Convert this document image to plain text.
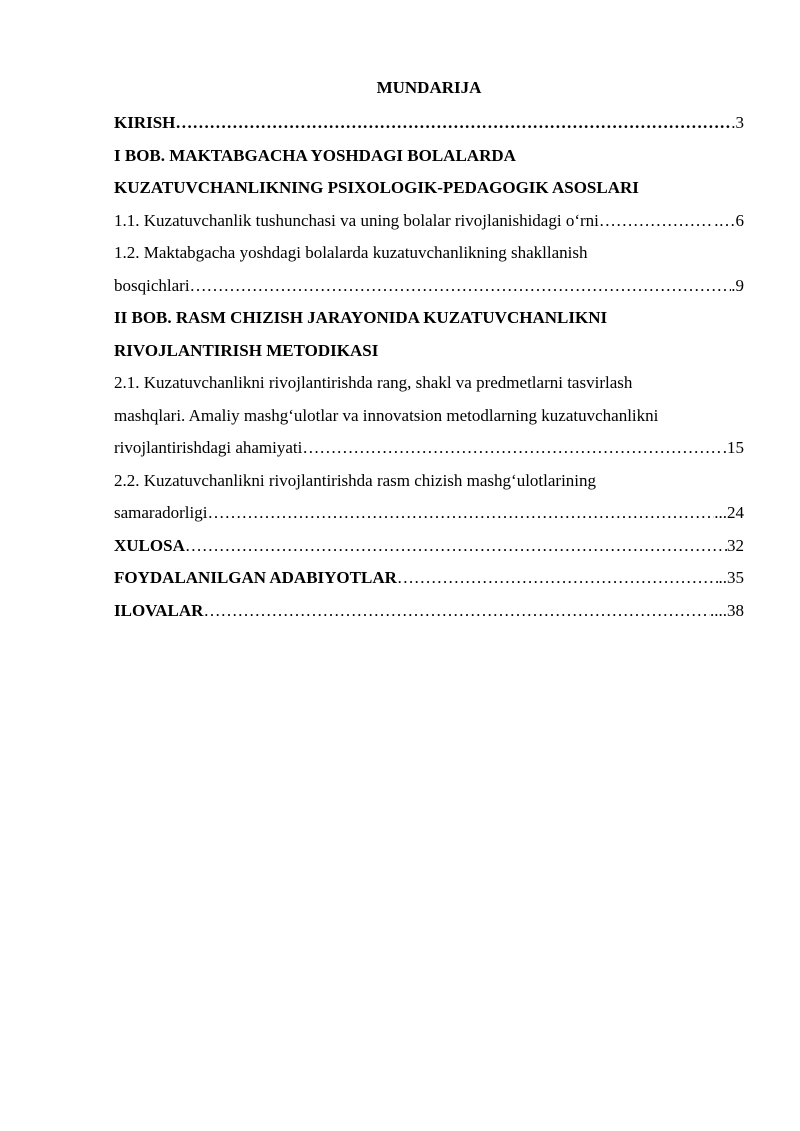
MUNDARIJA

KIRISH ……………………………………………………………………………………………………………………………………………………………………………………………………	.3

I BOB. MAKTABGACHA YOSHDAGI BOLALARDA

KUZATUVCHANLIKNING PSIXOLOGIK-PEDAGOGIK ASOSLARI

1.1. Kuzatuvchanlik tushunchasi va uning bolalar rivojlanishidagi o‘rni ……………………………………………………………………………………………………………………………………………………………………………………………………	.…6

1.2. Maktabgacha yoshdagi bolalarda kuzatuvchanlikning shakllanish

bosqichlari ……………………………………………………………………………………………………………………………………………………………………………………………………	.9

II BOB. RASM CHIZISH JARAYONIDA KUZATUVCHANLIKNI

RIVOJLANTIRISH METODIKASI

2.1. Kuzatuvchanlikni rivojlantirishda rang, shakl va predmetlarni tasvirlash

mashqlari. Amaliy mashg‘ulotlar va innovatsion metodlarning kuzatuvchanlikni

rivojlantirishdagi ahamiyati ……………………………………………………………………………………………………………………………………………………………………………………………………	.15

2.2. Kuzatuvchanlikni rivojlantirishda rasm chizish mashg‘ulotlarining

samaradorligi ……………………………………………………………………………………………………………………………………………………………………………………………………	...24
XULOSA ……………………………………………………………………………………………………………………………………………………………………………………………………	32
FOYDALANILGAN ADABIYOTLAR ……………………………………………………………………………………………………………………………………………………………………………………………………	..35
ILOVALAR ……………………………………………………………………………………………………………………………………………………………………………………………………	....38
